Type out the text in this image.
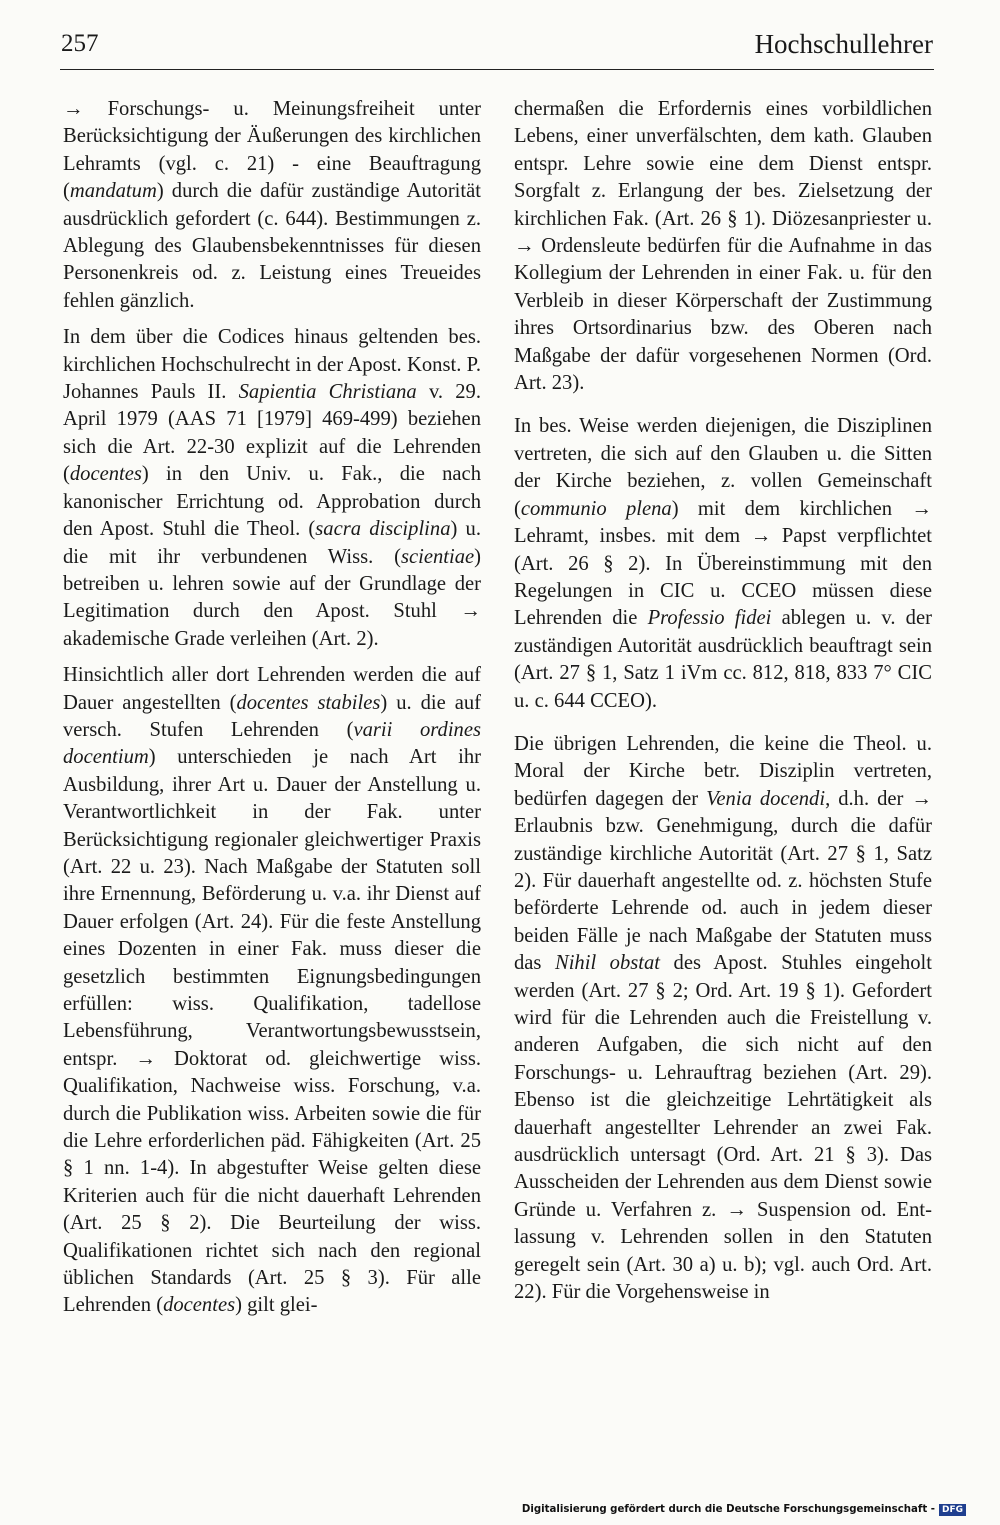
257	Hochschullehrer

→ Forschungs- u. Meinungsfreiheit unter Berücksichtigung der Äußerungen des kirchlichen Lehramts (vgl. c. 21) - eine Beauftragung (mandatum) durch die dafür zuständige Autorität ausdrücklich gefordert (c. 644). Bestimmungen z. Ablegung des Glaubensbekenntnisses für diesen Personenkreis od. z. Leistung eines Treueides fehlen gänzlich.

In dem über die Codices hinaus geltenden bes. kirchlichen Hochschulrecht in der Apost. Konst. P. Johannes Pauls II. Sapientia Christiana v. 29. April 1979 (AAS 71 [1979] 469-499) beziehen sich die Art. 22-30 explizit auf die Lehrenden (docentes) in den Univ. u. Fak., die nach kanonischer Errichtung od. Approbation durch den Apost. Stuhl die Theol. (sacra disciplina) u. die mit ihr verbundenen Wiss. (scientiae) betreiben u. lehren sowie auf der Grundlage der Legitimation durch den Apost. Stuhl → akademische Grade verleihen (Art. 2).

Hinsichtlich aller dort Lehrenden werden die auf Dauer angestellten (docentes stabiles) u. die auf versch. Stufen Lehrenden (varii ordines docentium) unterschieden je nach Art ihr Ausbildung, ihrer Art u. Dauer der Anstellung u. Verantwortlichkeit in der Fak. unter Berücksichtigung regionaler gleichwertiger Praxis (Art. 22 u. 23). Nach Maßgabe der Statuten soll ihre Ernennung, Beförderung u. v.a. ihr Dienst auf Dauer erfolgen (Art. 24). Für die feste Anstellung eines Dozenten in einer Fak. muss dieser die gesetzlich bestimmten Eignungsbedingungen erfüllen: wiss. Qualifikation, tadellose Lebensführung, Verantwortungsbewusstsein, entspr. → Doktorat od. gleichwertige wiss. Qualifikation, Nachweise wiss. Forschung, v.a. durch die Publikation wiss. Arbeiten sowie die für die Lehre erforderlichen päd. Fähigkeiten (Art. 25 § 1 nn. 1-4). In abgestufter Weise gelten diese Kriterien auch für die nicht dauerhaft Lehrenden (Art. 25 § 2). Die Beurteilung der wiss. Qualifikationen richtet sich nach den regional üblichen Standards (Art. 25 § 3). Für alle Lehrenden (docentes) gilt glei-

chermaßen die Erfordernis eines vorbildlichen Lebens, einer unverfälschten, dem kath. Glauben entspr. Lehre sowie eine dem Dienst entspr. Sorgfalt z. Erlangung der bes. Zielsetzung der kirchlichen Fak. (Art. 26 § 1). Diözesanpriester u. → Ordensleute bedürfen für die Aufnahme in das Kollegium der Lehrenden in einer Fak. u. für den Verbleib in dieser Körperschaft der Zustimmung ihres Ortsordinarius bzw. des Oberen nach Maßgabe der dafür vorgesehenen Normen (Ord. Art. 23).

In bes. Weise werden diejenigen, die Disziplinen vertreten, die sich auf den Glauben u. die Sitten der Kirche beziehen, z. vollen Gemeinschaft (communio plena) mit dem kirchlichen → Lehramt, insbes. mit dem → Papst verpflichtet (Art. 26 § 2). In Übereinstimmung mit den Regelungen in CIC u. CCEO müssen diese Lehrenden die Professio fidei ablegen u. v. der zuständigen Autorität ausdrücklich beauftragt sein (Art. 27 § 1, Satz 1 iVm cc. 812, 818, 833 7° CIC u. c. 644 CCEO).

Die übrigen Lehrenden, die keine die Theol. u. Moral der Kirche betr. Disziplin vertreten, bedürfen dagegen der Venia docendi, d.h. der → Erlaubnis bzw. Genehmigung, durch die dafür zuständige kirchliche Autorität (Art. 27 § 1, Satz 2). Für dauerhaft angestellte od. z. höchsten Stufe beförderte Lehrende od. auch in jedem dieser beiden Fälle je nach Maßgabe der Statuten muss das Nihil obstat des Apost. Stuhles eingeholt werden (Art. 27 § 2; Ord. Art. 19 § 1). Gefordert wird für die Lehrenden auch die Freistellung v. anderen Aufgaben, die sich nicht auf den Forschungs- u. Lehrauftrag beziehen (Art. 29). Ebenso ist die gleichzeitige Lehrtätigkeit als dauerhaft angestellter Lehrender an zwei Fak. ausdrücklich untersagt (Ord. Art. 21 § 3). Das Ausscheiden der Lehrenden aus dem Dienst sowie Gründe u. Verfahren z. → Suspension od. Entlassung v. Lehrenden sollen in den Statuten geregelt sein (Art. 30 a) u. b); vgl. auch Ord. Art. 22). Für die Vorgehensweise in

Digitalisierung gefördert durch die Deutsche Forschungsgemeinschaft - DFG
